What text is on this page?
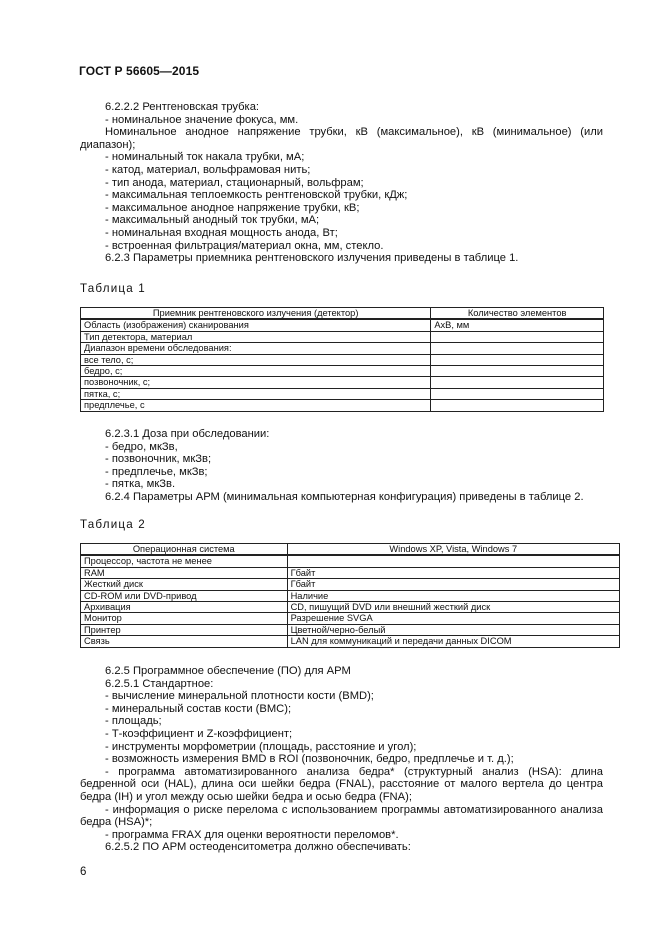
ГОСТ Р 56605—2015

6.2.2.2 Рентгеновская трубка:

- номинальное значение фокуса, мм.

Номинальное анодное напряжение трубки, кВ (максимальное), кВ (минимальное) (или диапазон);

- номинальный ток накала трубки, мА;

- катод, материал, вольфрамовая нить;

- тип анода, материал, стационарный, вольфрам;

- максимальная теплоемкость рентгеновской трубки, кДж;

- максимальное анодное напряжение трубки, кВ;

- максимальный анодный ток трубки, мА;

- номинальная входная мощность анода, Вт;

- встроенная фильтрация/материал окна, мм, стекло.

6.2.3 Параметры приемника рентгеновского излучения приведены в таблице 1.

Таблица 1
Приемник рентгеновского излучения (детектор)	Количество элементов
Область (изображения) сканирования	АхВ, мм
Тип детектора, материал	
Диапазон времени обследования:	
все тело, с;	
бедро, с;	
позвоночник, с;	
пятка, с;	
предплечье, с	

6.2.3.1 Доза при обследовании:

- бедро, мкЗв,

- позвоночник, мкЗв;

- предплечье, мкЗв;

- пятка, мкЗв.

6.2.4 Параметры АРМ (минимальная компьютерная конфигурация) приведены в таблице 2.

Таблица 2
Операционная система	Windows XP, Vista, Windows 7
Процессор, частота не менее	
RAM	Гбайт
Жесткий диск	Гбайт
CD-ROM или DVD-привод	Наличие
Архивация	CD, пишущий DVD или внешний жесткий диск
Монитор	Разрешение SVGA
Принтер	Цветной/черно-белый
Связь	LAN для коммуникаций и передачи данных DICOM

6.2.5 Программное обеспечение (ПО) для АРМ

6.2.5.1 Стандартное:

- вычисление минеральной плотности кости (BMD);

- минеральный состав кости (BMC);

- площадь;

- Т-коэффициент и Z-коэффициент;

- инструменты морфометрии (площадь, расстояние и угол);

- возможность измерения BMD в ROI (позвоночник, бедро, предплечье и т. д.);

- программа автоматизированного анализа бедра* (структурный анализ (HSA): длина бедренной оси (HAL), длина оси шейки бедра (FNAL), расстояние от малого вертела до центра бедра (IH) и угол между осью шейки бедра и осью бедра (FNA);

- информация о риске перелома с использованием программы автоматизированного анализа бедра (HSA)*;

- программа FRAX для оценки вероятности переломов*.

6.2.5.2 ПО АРМ остеоденситометра должно обеспечивать:

6
